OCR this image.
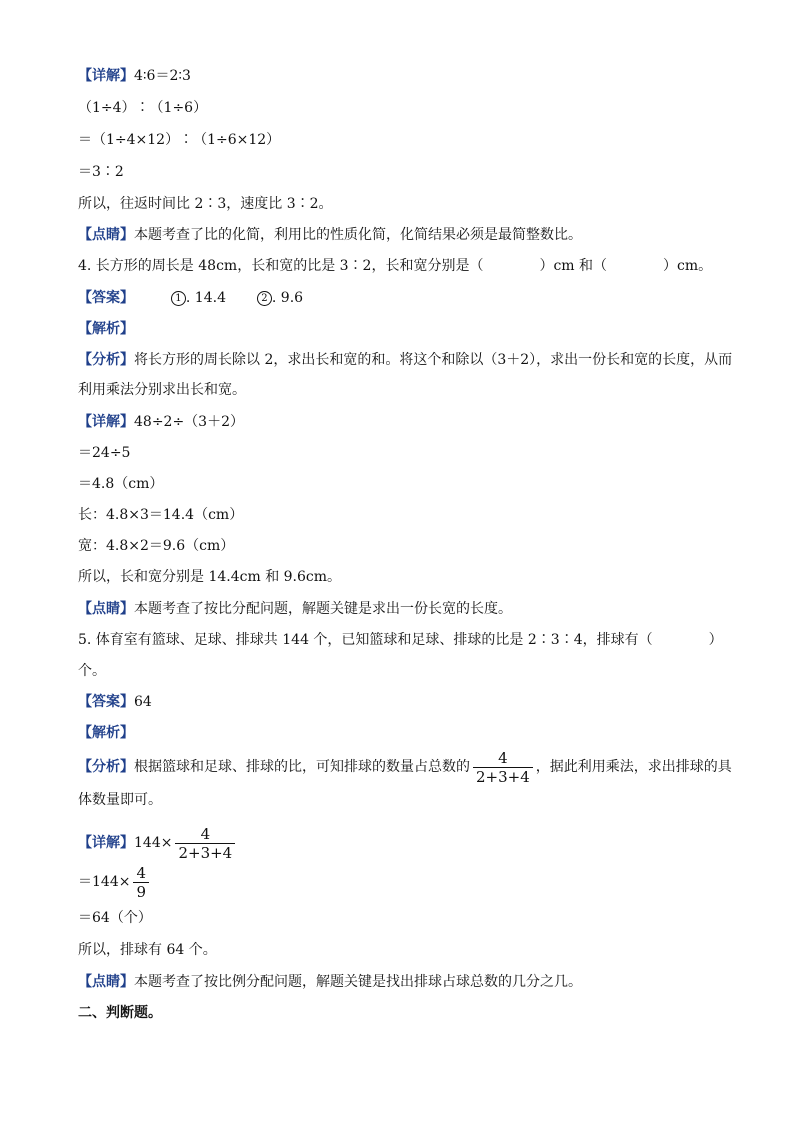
【详解】4∶6＝2∶3
（1÷4）∶（1÷6）
＝（1÷4×12）∶（1÷6×12）
＝3∶2
所以，往返时间比 2∶3，速度比 3∶2。
【点睛】本题考查了比的化简，利用比的性质化简，化简结果必须是最简整数比。
4. 长方形的周长是 48cm，长和宽的比是 3∶2，长和宽分别是（　　　　）cm 和（　　　　）cm。
【答案】	1 . 14.4	2 . 9.6
【解析】
【分析】将长方形的周长除以 2，求出长和宽的和。将这个和除以（3＋2），求出一份长和宽的长度，从而
利用乘法分别求出长和宽。
【详解】48÷2÷（3＋2）
＝24÷5
＝4.8（cm）
长：4.8×3＝14.4（cm）
宽：4.8×2＝9.6（cm）
所以，长和宽分别是 14.4cm 和 9.6cm。
【点睛】本题考查了按比分配问题，解题关键是求出一份长宽的长度。
5. 体育室有篮球、足球、排球共 144 个，已知篮球和足球、排球的比是 2∶3∶4，排球有（　　　　）
个。
【答案】64
【解析】
【分析】根据篮球和足球、排球的比，可知排球的数量占总数的 $\frac{4}{2+3+4}$ ，据此利用乘法，求出排球的具
体数量即可。
【详解】$144\times \frac{4}{2+3+4}$
$=144\times \frac{4}{9}$
＝64（个）
所以，排球有 64 个。
【点睛】本题考查了按比例分配问题，解题关键是找出排球占球总数的几分之几。
二、判断题。
